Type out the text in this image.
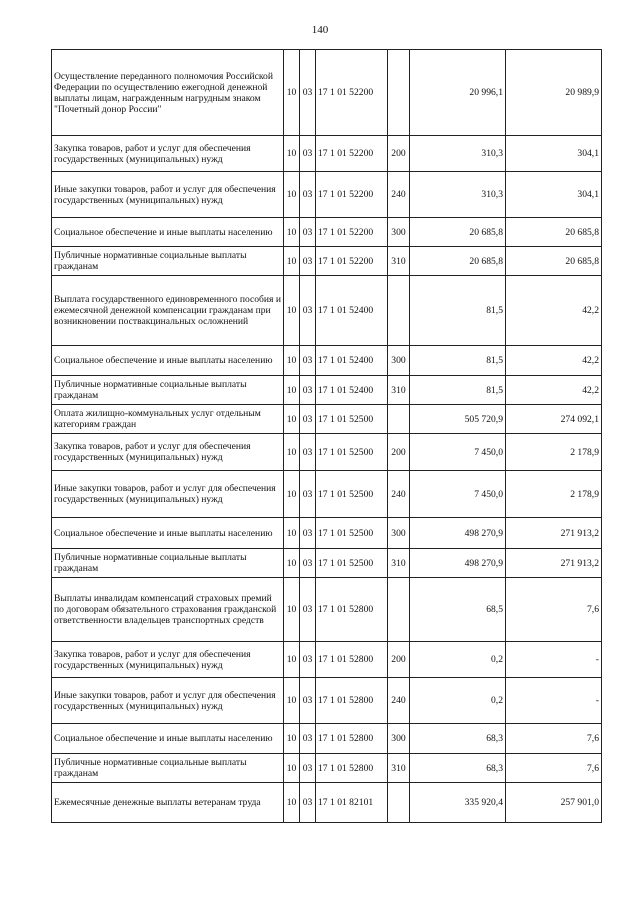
140
Осуществление переданного полномочия Российской Федерации по осуществлению ежегодной денежной выплаты лицам, награжденным нагрудным знаком "Почетный донор России"	10	03	17 1 01 52200		20 996,1	20 989,9
Закупка товаров, работ и услуг для обеспечения государственных (муниципальных) нужд	10	03	17 1 01 52200	200	310,3	304,1
Иные закупки товаров, работ и услуг для обеспечения государственных (муниципальных) нужд	10	03	17 1 01 52200	240	310,3	304,1
Социальное обеспечение и иные выплаты населению	10	03	17 1 01 52200	300	20 685,8	20 685,8
Публичные нормативные социальные выплаты гражданам	10	03	17 1 01 52200	310	20 685,8	20 685,8
Выплата государственного единовременного пособия и ежемесячной денежной компенсации гражданам при возникновении поствакцинальных осложнений	10	03	17 1 01 52400		81,5	42,2
Социальное обеспечение и иные выплаты населению	10	03	17 1 01 52400	300	81,5	42,2
Публичные нормативные социальные выплаты гражданам	10	03	17 1 01 52400	310	81,5	42,2
Оплата жилищно-коммунальных услуг отдельным категориям граждан	10	03	17 1 01 52500		505 720,9	274 092,1
Закупка товаров, работ и услуг для обеспечения государственных (муниципальных) нужд	10	03	17 1 01 52500	200	7 450,0	2 178,9
Иные закупки товаров, работ и услуг для обеспечения государственных (муниципальных) нужд	10	03	17 1 01 52500	240	7 450,0	2 178,9
Социальное обеспечение и иные выплаты населению	10	03	17 1 01 52500	300	498 270,9	271 913,2
Публичные нормативные социальные выплаты гражданам	10	03	17 1 01 52500	310	498 270,9	271 913,2
Выплаты инвалидам компенсаций страховых премий по договорам обязательного страхования гражданской ответственности владельцев транспортных средств	10	03	17 1 01 52800		68,5	7,6
Закупка товаров, работ и услуг для обеспечения государственных (муниципальных) нужд	10	03	17 1 01 52800	200	0,2	-
Иные закупки товаров, работ и услуг для обеспечения государственных (муниципальных) нужд	10	03	17 1 01 52800	240	0,2	-
Социальное обеспечение и иные выплаты населению	10	03	17 1 01 52800	300	68,3	7,6
Публичные нормативные социальные выплаты гражданам	10	03	17 1 01 52800	310	68,3	7,6
Ежемесячные денежные выплаты ветеранам труда	10	03	17 1 01 82101		335 920,4	257 901,0
